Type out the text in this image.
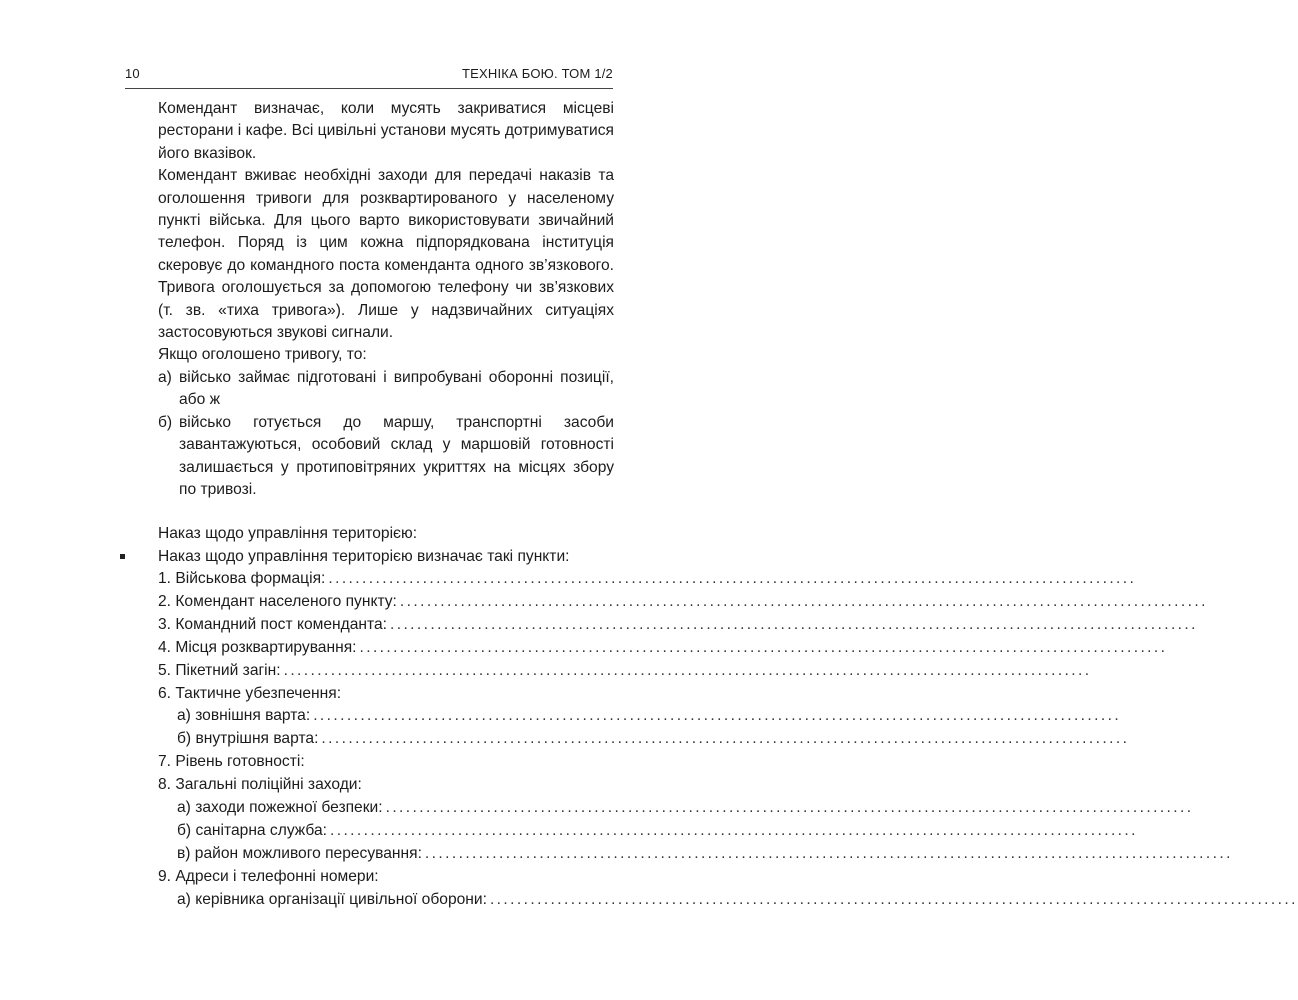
10	ТЕХНІКА БОЮ. ТОМ 1/2
Комендант визначає, коли мусять закриватися місцеві ресторани і кафе. Всі цивільні установи мусять дотримуватися його вказівок.
Комендант вживає необхідні заходи для передачі наказів та оголошення тривоги для розквартированого у населеному пункті війська. Для цього варто використовувати звичайний телефон. Поряд із цим кожна підпорядкована інституція скеровує до командного поста коменданта одного зв’язкового. Тривога оголошується за допомогою телефону чи зв’язкових (т. зв. «тиха тривога»). Лише у надзвичайних ситуаціях застосовуються звукові сигнали.
Якщо оголошено тривогу, то:
а) військо займає підготовані і випробувані оборонні позиції, або ж
б) військо готується до маршу, транспортні засоби завантажуються, особовий склад у маршовій готовності залишається у протиповітряних укриттях на місцях збору по тривозі.
Наказ щодо управління територією:
Наказ щодо управління територією визначає такі пункти:
1. Військова формація: ........................................................................................................................
2. Комендант населеного пункту: ........................................................................................................................
3. Командний пост коменданта: ........................................................................................................................
4. Місця розквартирування: ........................................................................................................................
5. Пікетний загін: ........................................................................................................................
6. Тактичне убезпечення:
а) зовнішня варта: ........................................................................................................................
б) внутрішня варта: ........................................................................................................................
7. Рівень готовності:
8. Загальні поліційні заходи:
а) заходи пожежної безпеки: ........................................................................................................................
б) санітарна служба: ........................................................................................................................
в) район можливого пересування: ........................................................................................................................
9. Адреси і телефонні номери:
а) керівника організації цивільної оборони: ........................................................................................................................
